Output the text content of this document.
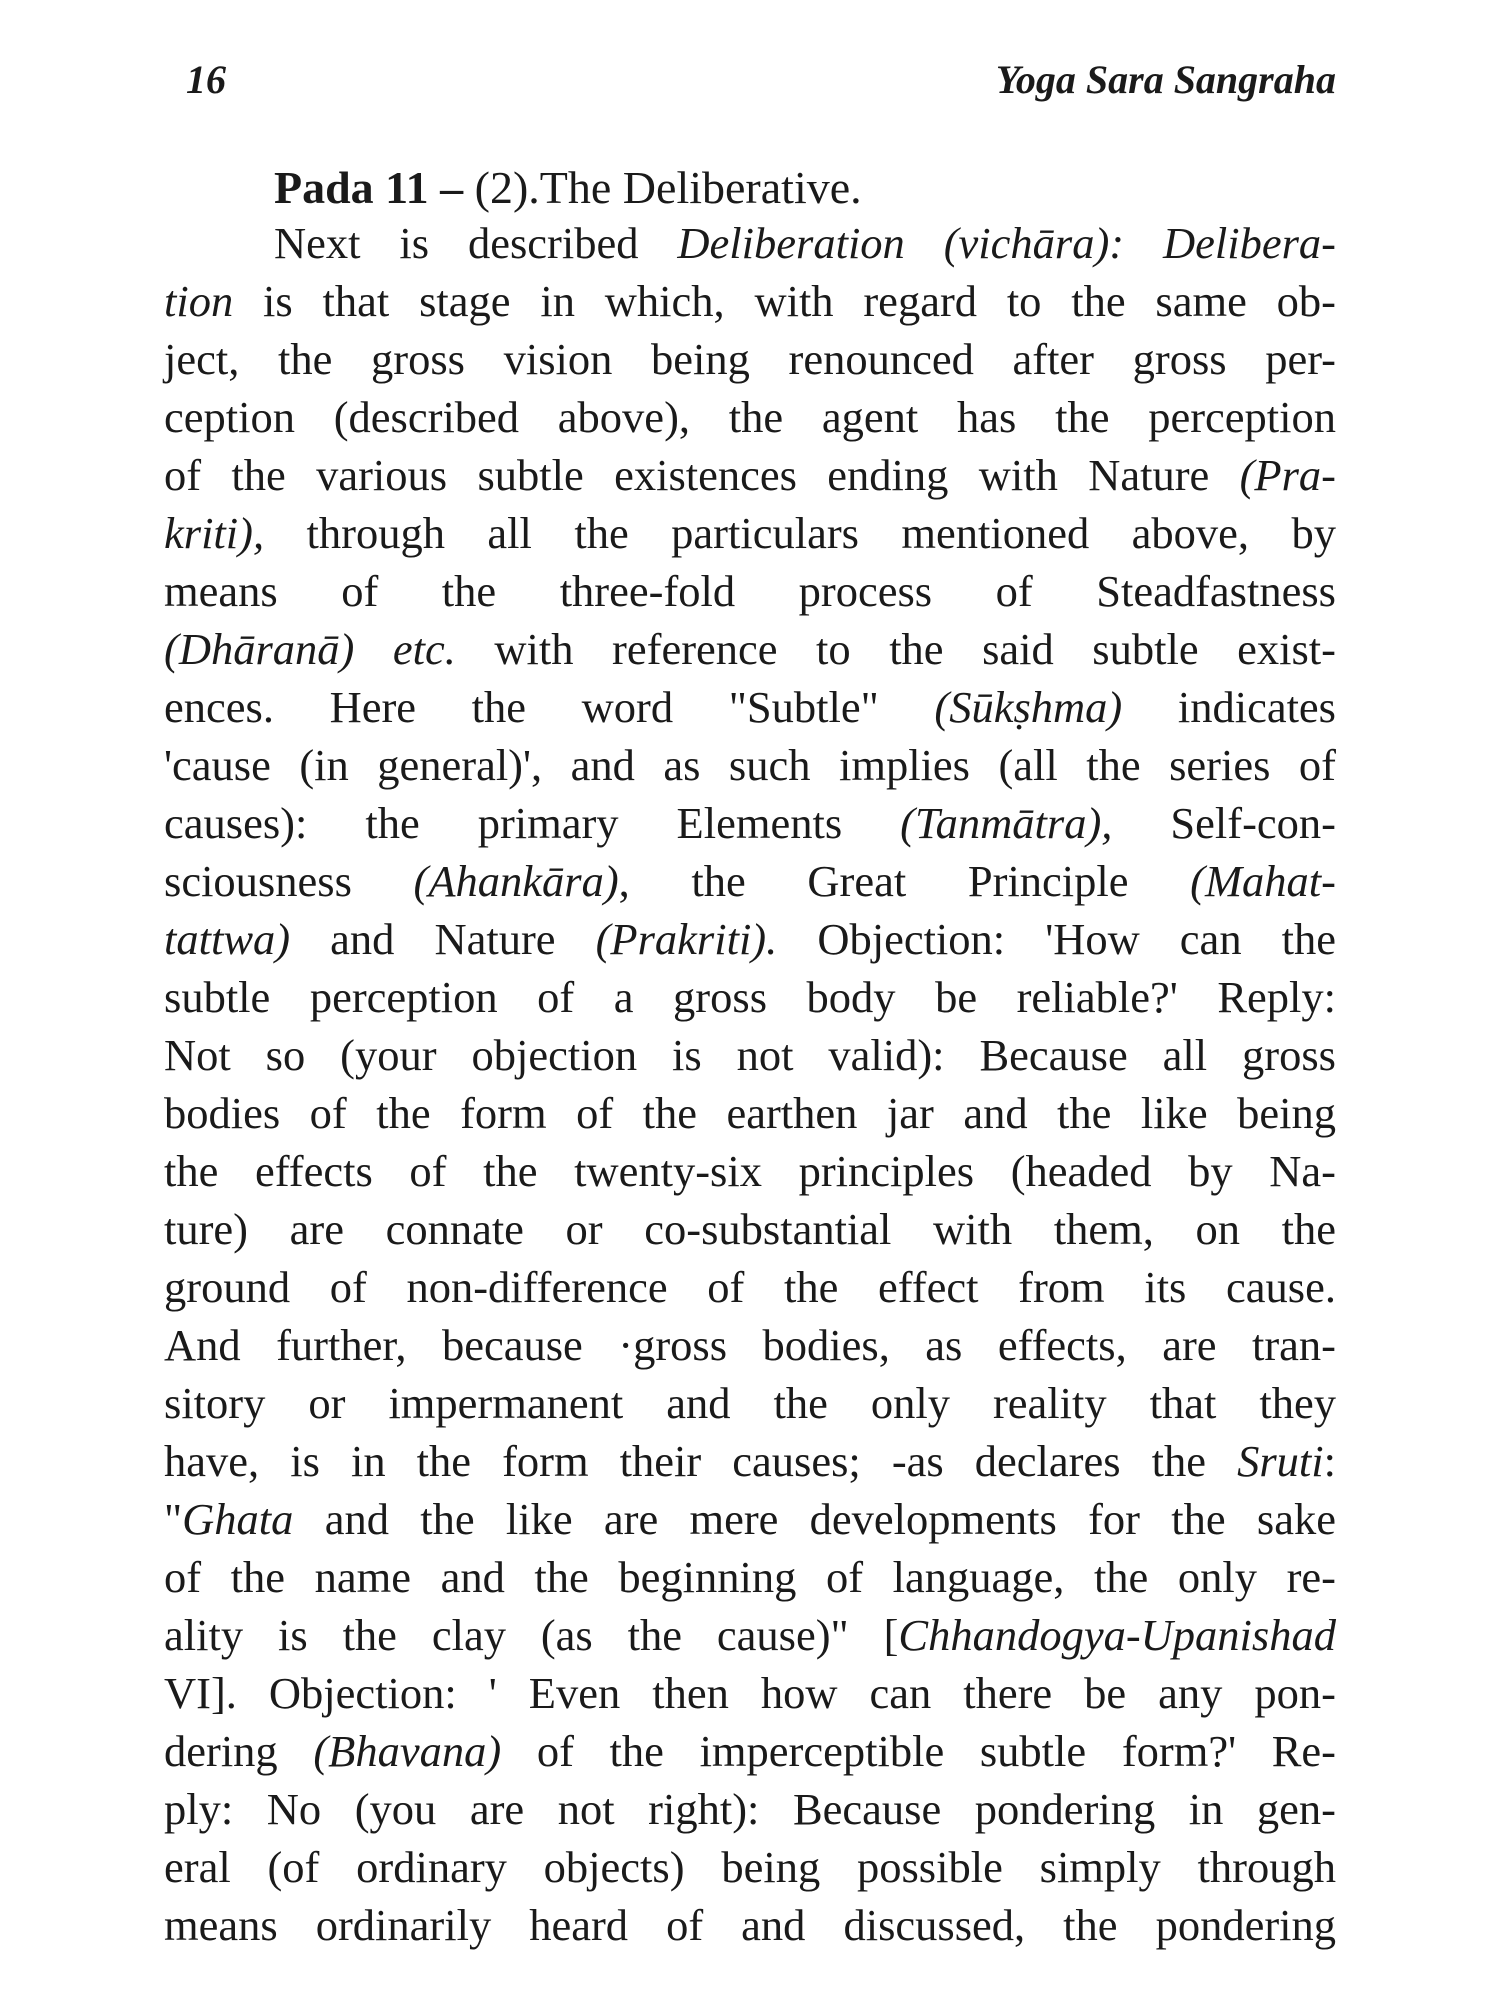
16	Yoga Sara Sangraha
Pada 11 – (2).The Deliberative.

Next is described Deliberation (vichāra): Delibera-
tion is that stage in which, with regard to the same ob-
ject, the gross vision being renounced after gross per-
ception (described above), the agent has the perception
of the various subtle existences ending with Nature (Pra-
kriti), through all the particulars mentioned above, by
means of the three-fold process of Steadfastness
(Dhāranā) etc. with reference to the said subtle exist-
ences. Here the word "Subtle" (Sūkṣhma) indicates
'cause (in general)', and as such implies (all the series of
causes): the primary Elements (Tanmātra), Self-con-
sciousness (Ahankāra), the Great Principle (Mahat-
tattwa) and Nature (Prakriti). Objection: 'How can the
subtle perception of a gross body be reliable?' Reply:
Not so (your objection is not valid): Because all gross
bodies of the form of the earthen jar and the like being
the effects of the twenty-six principles (headed by Na-
ture) are connate or co-substantial with them, on the
ground of non-difference of the effect from its cause.
And further, because ·gross bodies, as effects, are tran-
sitory or impermanent and the only reality that they
have, is in the form their causes; -as declares the Sruti:
"Ghata and the like are mere developments for the sake
of the name and the beginning of language, the only re-
ality is the clay (as the cause)" [Chhandogya-Upanishad
VI]. Objection: ' Even then how can there be any pon-
dering (Bhavana) of the imperceptible subtle form?' Re-
ply: No (you are not right): Because pondering in gen-
eral (of ordinary objects) being possible simply through
means ordinarily heard of and discussed, the pondering
